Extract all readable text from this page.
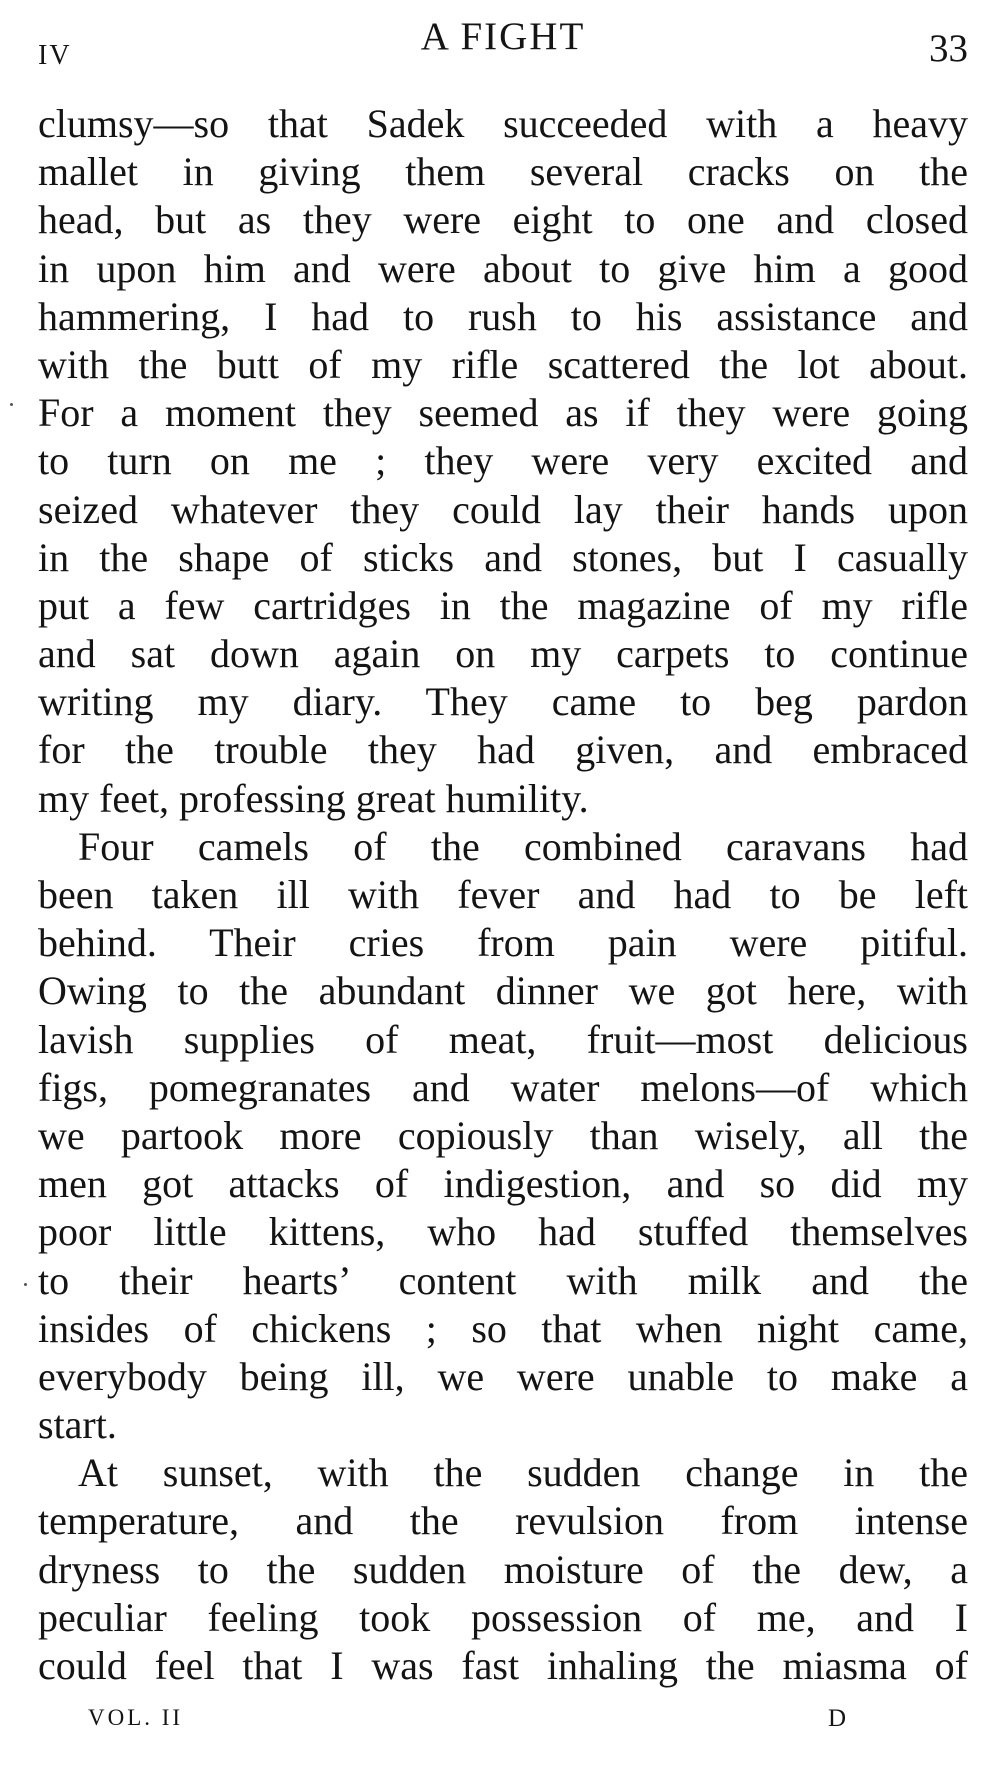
IV	A FIGHT	33
clumsy—so that Sadek succeeded with a heavy
mallet in giving them several cracks on the
head, but as they were eight to one and closed
in upon him and were about to give him a good
hammering, I had to rush to his assistance and
with the butt of my rifle scattered the lot about.
For a moment they seemed as if they were going
to turn on me ; they were very excited and
seized whatever they could lay their hands upon
in the shape of sticks and stones, but I casually
put a few cartridges in the magazine of my rifle
and sat down again on my carpets to continue
writing my diary. They came to beg pardon
for the trouble they had given, and embraced
my feet, professing great humility.
 Four camels of the combined caravans had
been taken ill with fever and had to be left
behind. Their cries from pain were pitiful.
Owing to the abundant dinner we got here, with
lavish supplies of meat, fruit—most delicious
figs, pomegranates and water melons—of which
we partook more copiously than wisely, all the
men got attacks of indigestion, and so did my
poor little kittens, who had stuffed themselves
to their hearts’ content with milk and the
insides of chickens ; so that when night came,
everybody being ill, we were unable to make a
start.
 At sunset, with the sudden change in the
temperature, and the revulsion from intense
dryness to the sudden moisture of the dew, a
peculiar feeling took possession of me, and I
could feel that I was fast inhaling the miasma of
VOL. II	D
